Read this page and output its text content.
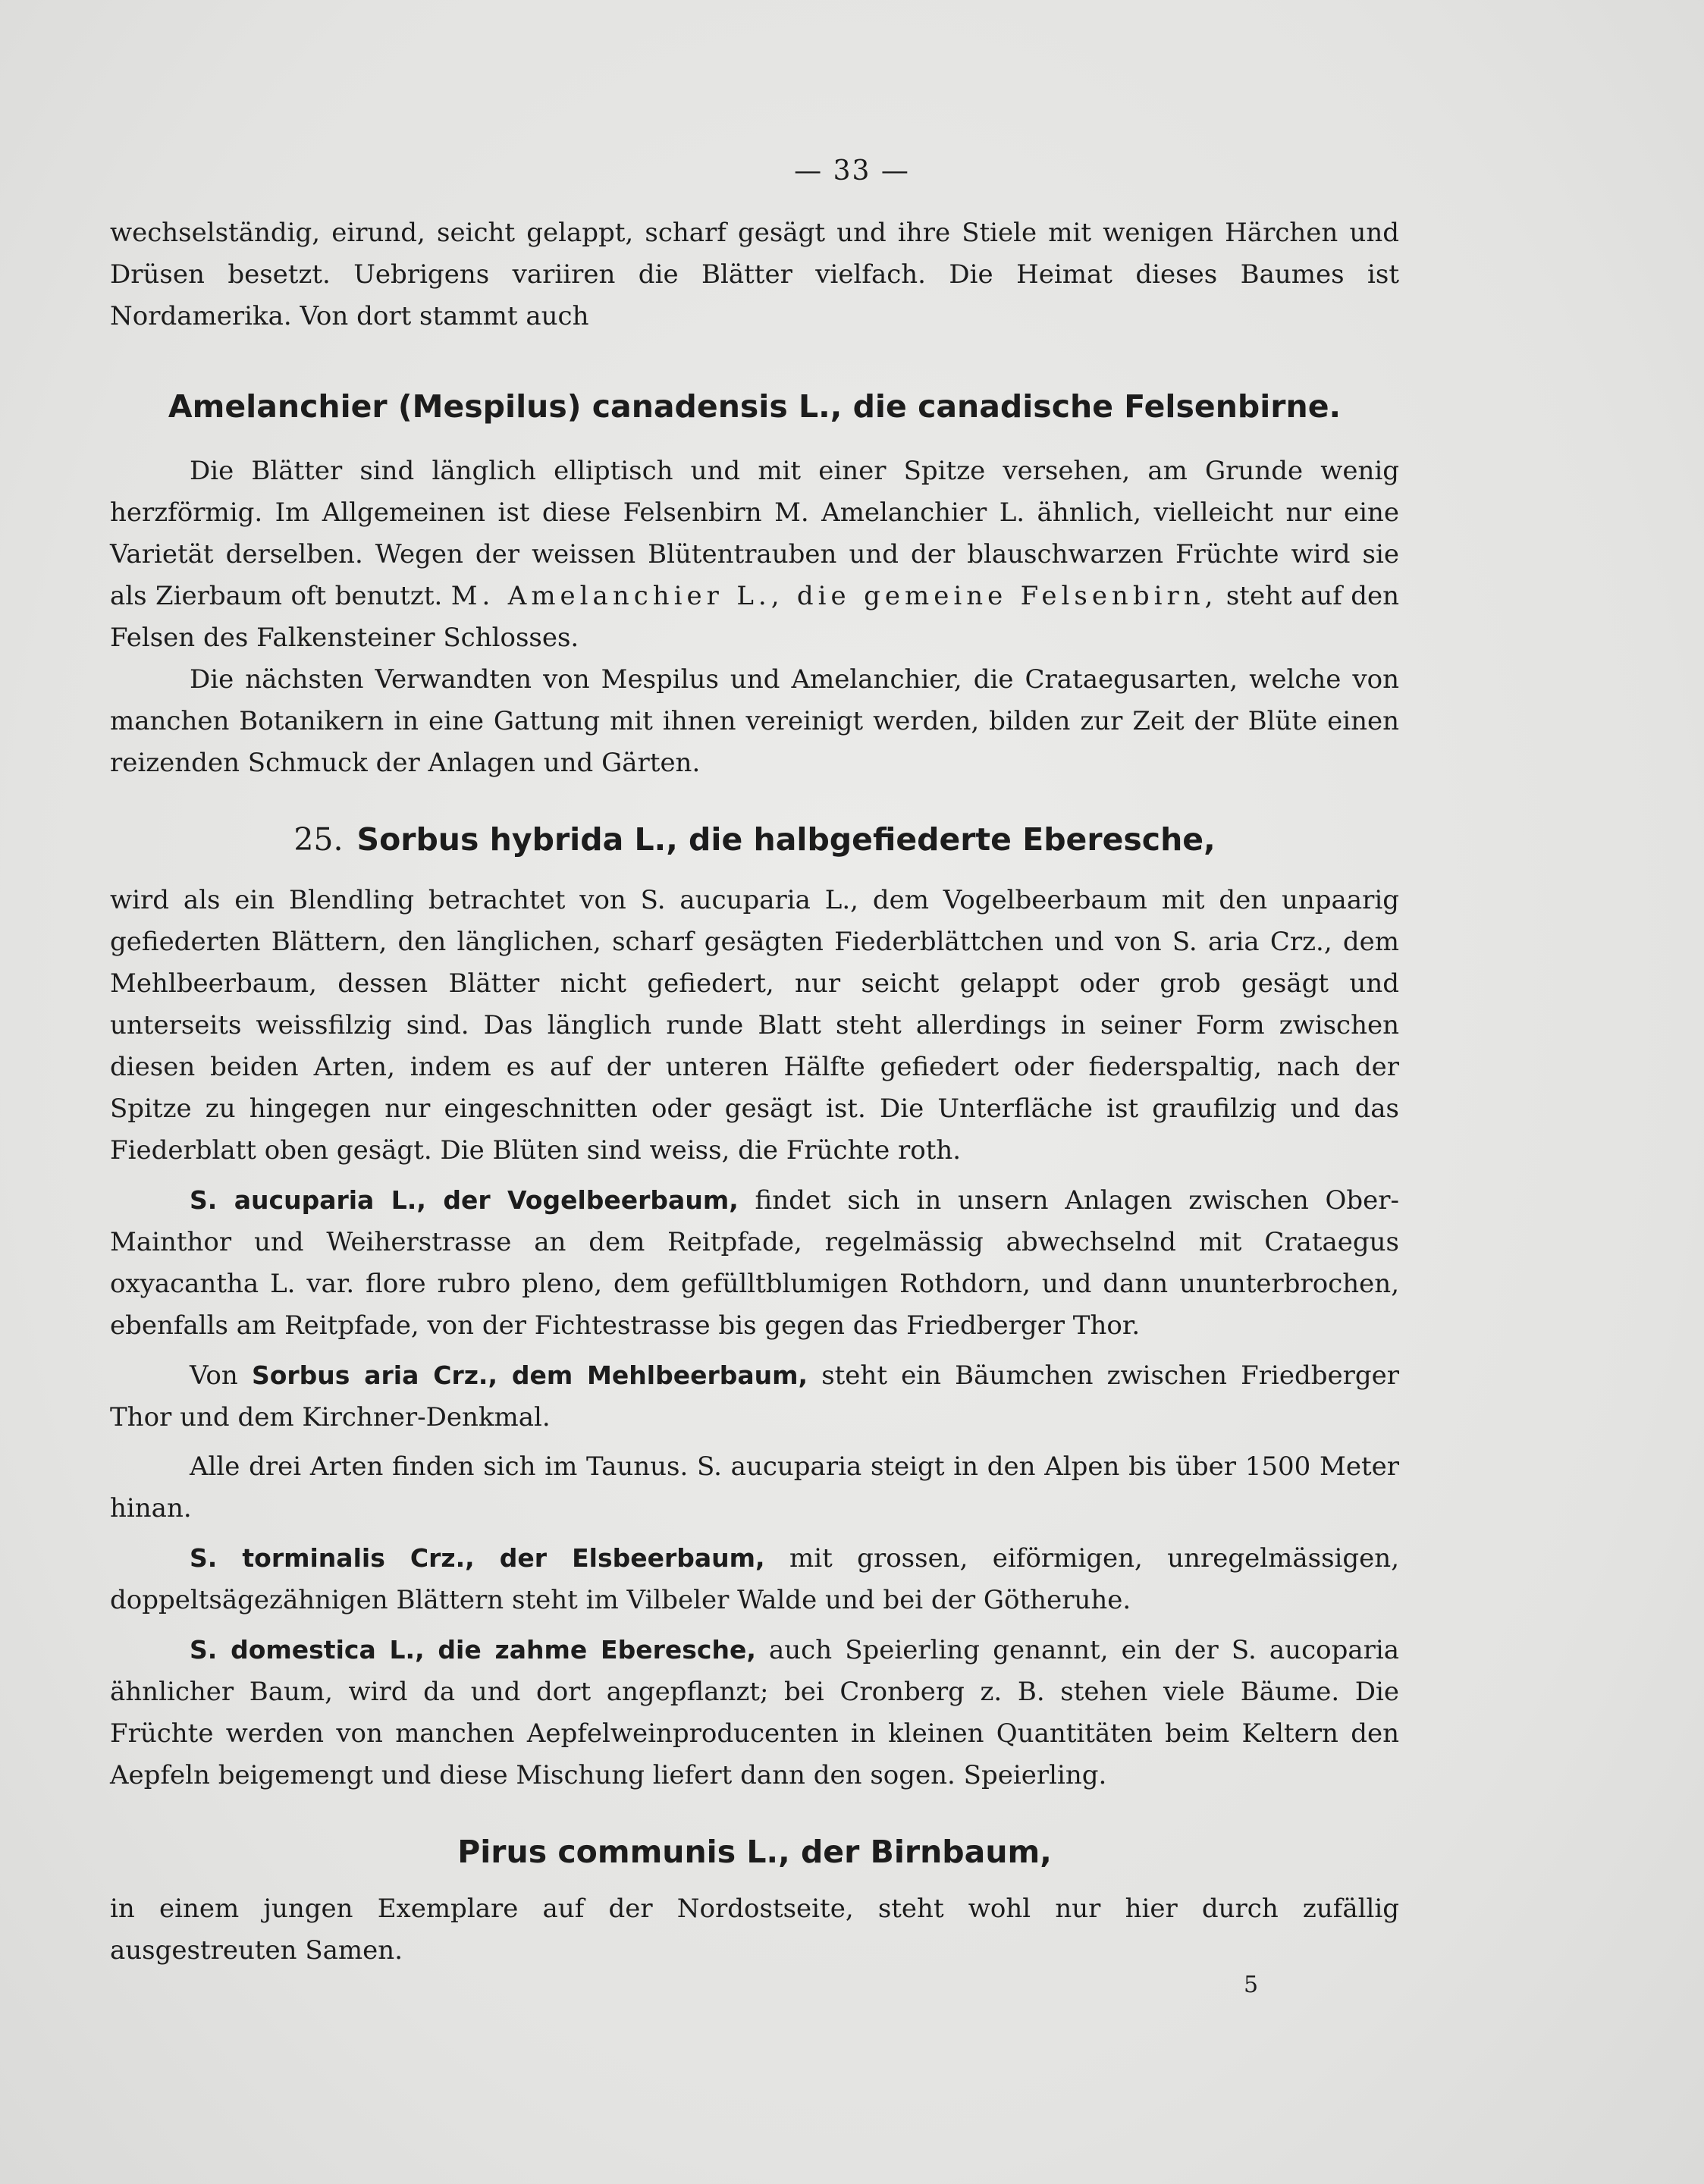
— 33 —

wechselständig, eirund, seicht gelappt, scharf gesägt und ihre Stiele mit wenigen Härchen und Drüsen besetzt. Uebrigens variiren die Blätter vielfach. Die Heimat dieses Baumes ist Nordamerika. Von dort stammt auch

Amelanchier (Mespilus) canadensis L., die canadische Felsenbirne.

Die Blätter sind länglich elliptisch und mit einer Spitze versehen, am Grunde wenig herzförmig. Im Allgemeinen ist diese Felsenbirn M. Amelanchier L. ähnlich, vielleicht nur eine Varietät derselben. Wegen der weissen Blütentrauben und der blauschwarzen Früchte wird sie als Zierbaum oft benutzt. M. Amelanchier L., die gemeine Felsenbirn, steht auf den Felsen des Falkensteiner Schlosses.

Die nächsten Verwandten von Mespilus und Amelanchier, die Crataegusarten, welche von manchen Botanikern in eine Gattung mit ihnen vereinigt werden, bilden zur Zeit der Blüte einen reizenden Schmuck der Anlagen und Gärten.

25. Sorbus hybrida L., die halbgefiederte Eberesche,

wird als ein Blendling betrachtet von S. aucuparia L., dem Vogelbeerbaum mit den unpaarig gefiederten Blättern, den länglichen, scharf gesägten Fiederblättchen und von S. aria Crz., dem Mehlbeerbaum, dessen Blätter nicht gefiedert, nur seicht gelappt oder grob gesägt und unterseits weissfilzig sind. Das länglich runde Blatt steht allerdings in seiner Form zwischen diesen beiden Arten, indem es auf der unteren Hälfte gefiedert oder fiederspaltig, nach der Spitze zu hingegen nur eingeschnitten oder gesägt ist. Die Unterfläche ist graufilzig und das Fiederblatt oben gesägt. Die Blüten sind weiss, die Früchte roth.

S. aucuparia L., der Vogelbeerbaum, findet sich in unsern Anlagen zwischen Ober-Mainthor und Weiherstrasse an dem Reitpfade, regelmässig abwechselnd mit Crataegus oxyacantha L. var. flore rubro pleno, dem gefülltblumigen Rothdorn, und dann ununterbrochen, ebenfalls am Reitpfade, von der Fichtestrasse bis gegen das Friedberger Thor.

Von Sorbus aria Crz., dem Mehlbeerbaum, steht ein Bäumchen zwischen Friedberger Thor und dem Kirchner-Denkmal.

Alle drei Arten finden sich im Taunus. S. aucuparia steigt in den Alpen bis über 1500 Meter hinan.

S. torminalis Crz., der Elsbeerbaum, mit grossen, eiförmigen, unregelmässigen, doppeltsägezähnigen Blättern steht im Vilbeler Walde und bei der Götheruhe.

S. domestica L., die zahme Eberesche, auch Speierling genannt, ein der S. aucoparia ähnlicher Baum, wird da und dort angepflanzt; bei Cronberg z. B. stehen viele Bäume. Die Früchte werden von manchen Aepfelweinproducenten in kleinen Quantitäten beim Keltern den Aepfeln beigemengt und diese Mischung liefert dann den sogen. Speierling.

Pirus communis L., der Birnbaum,

in einem jungen Exemplare auf der Nordostseite, steht wohl nur hier durch zufällig ausgestreuten Samen.

5
